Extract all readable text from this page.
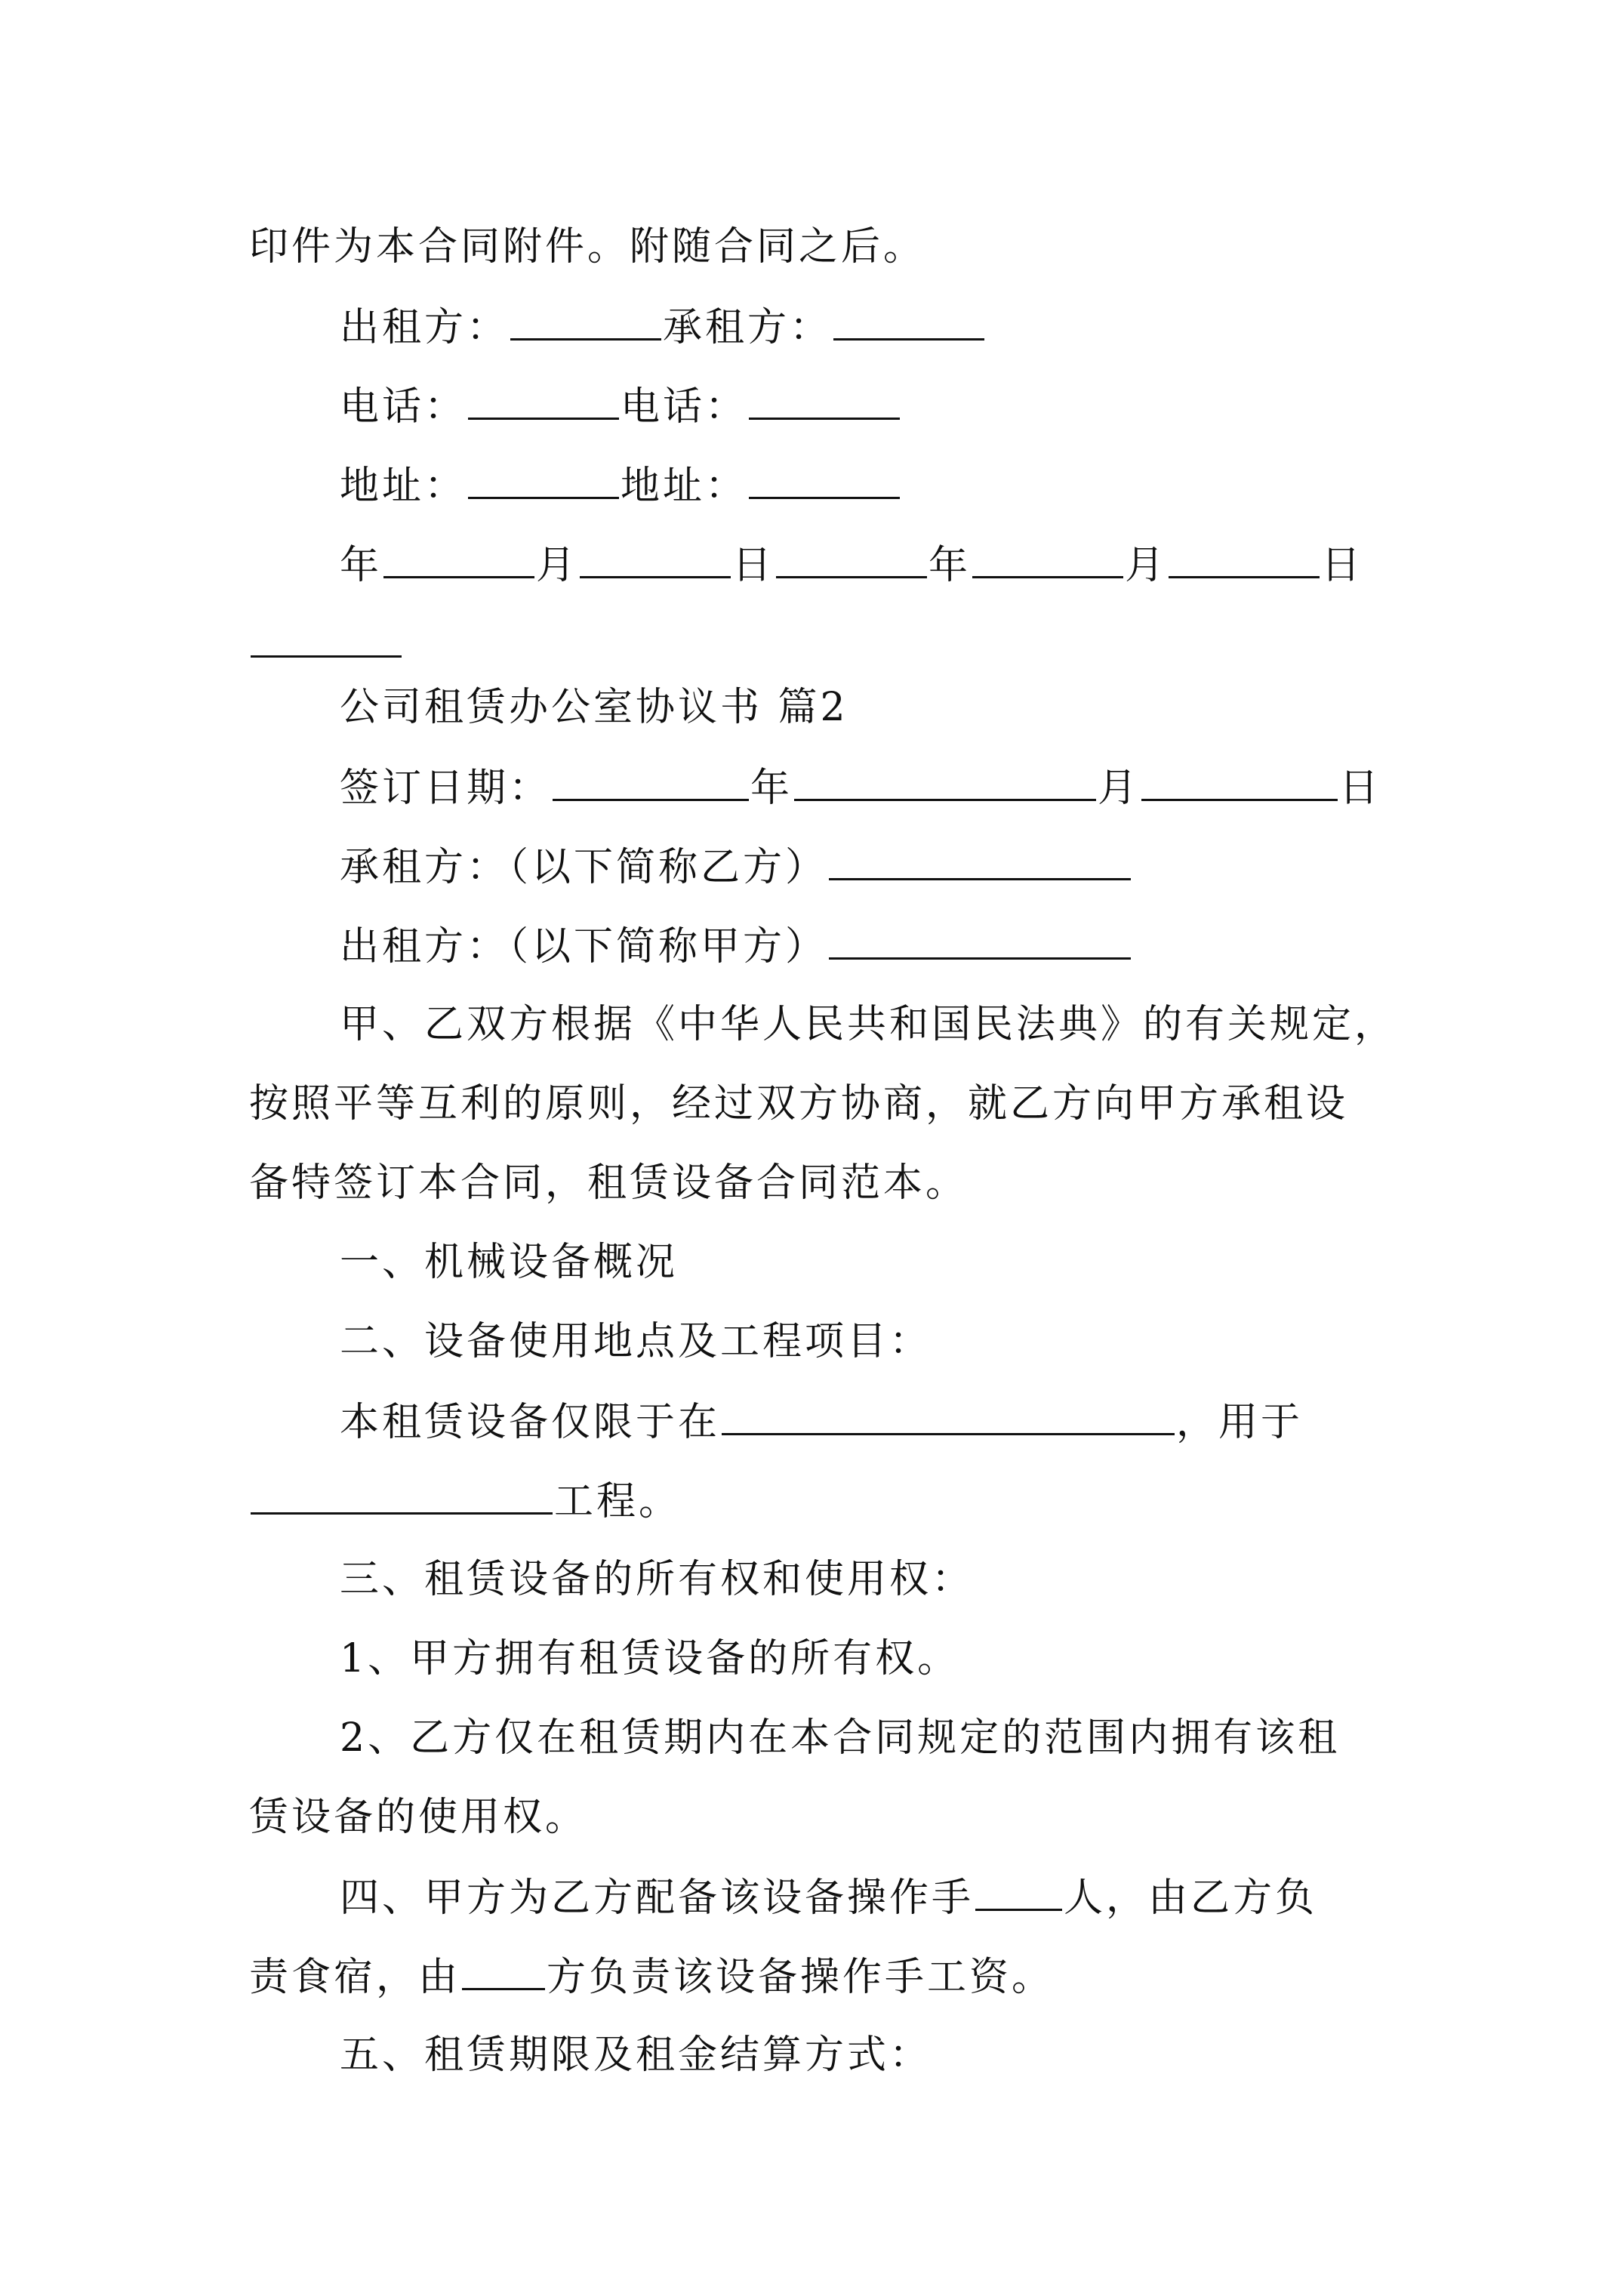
印件为本合同附件。附随合同之后。

出租方：	承租方：

电话：	电话：

地址：	地址：

年	月	日	年	月	日

公司租赁办公室协议书 篇2

签订日期：	年	月	日

承租方：（以下简称乙方）

出租方：（以下简称甲方）

甲、乙双方根据《中华人民共和国民法典》的有关规定，

按照平等互利的原则，经过双方协商，就乙方向甲方承租设

备特签订本合同，租赁设备合同范本。

一、机械设备概况

二、设备使用地点及工程项目：

本租赁设备仅限于在	，用于

工程。

三、租赁设备的所有权和使用权：

1、甲方拥有租赁设备的所有权。

2、乙方仅在租赁期内在本合同规定的范围内拥有该租

赁设备的使用权。

四、甲方为乙方配备该设备操作手 人，由乙方负

责食宿，由 方负责该设备操作手工资。

五、租赁期限及租金结算方式：
